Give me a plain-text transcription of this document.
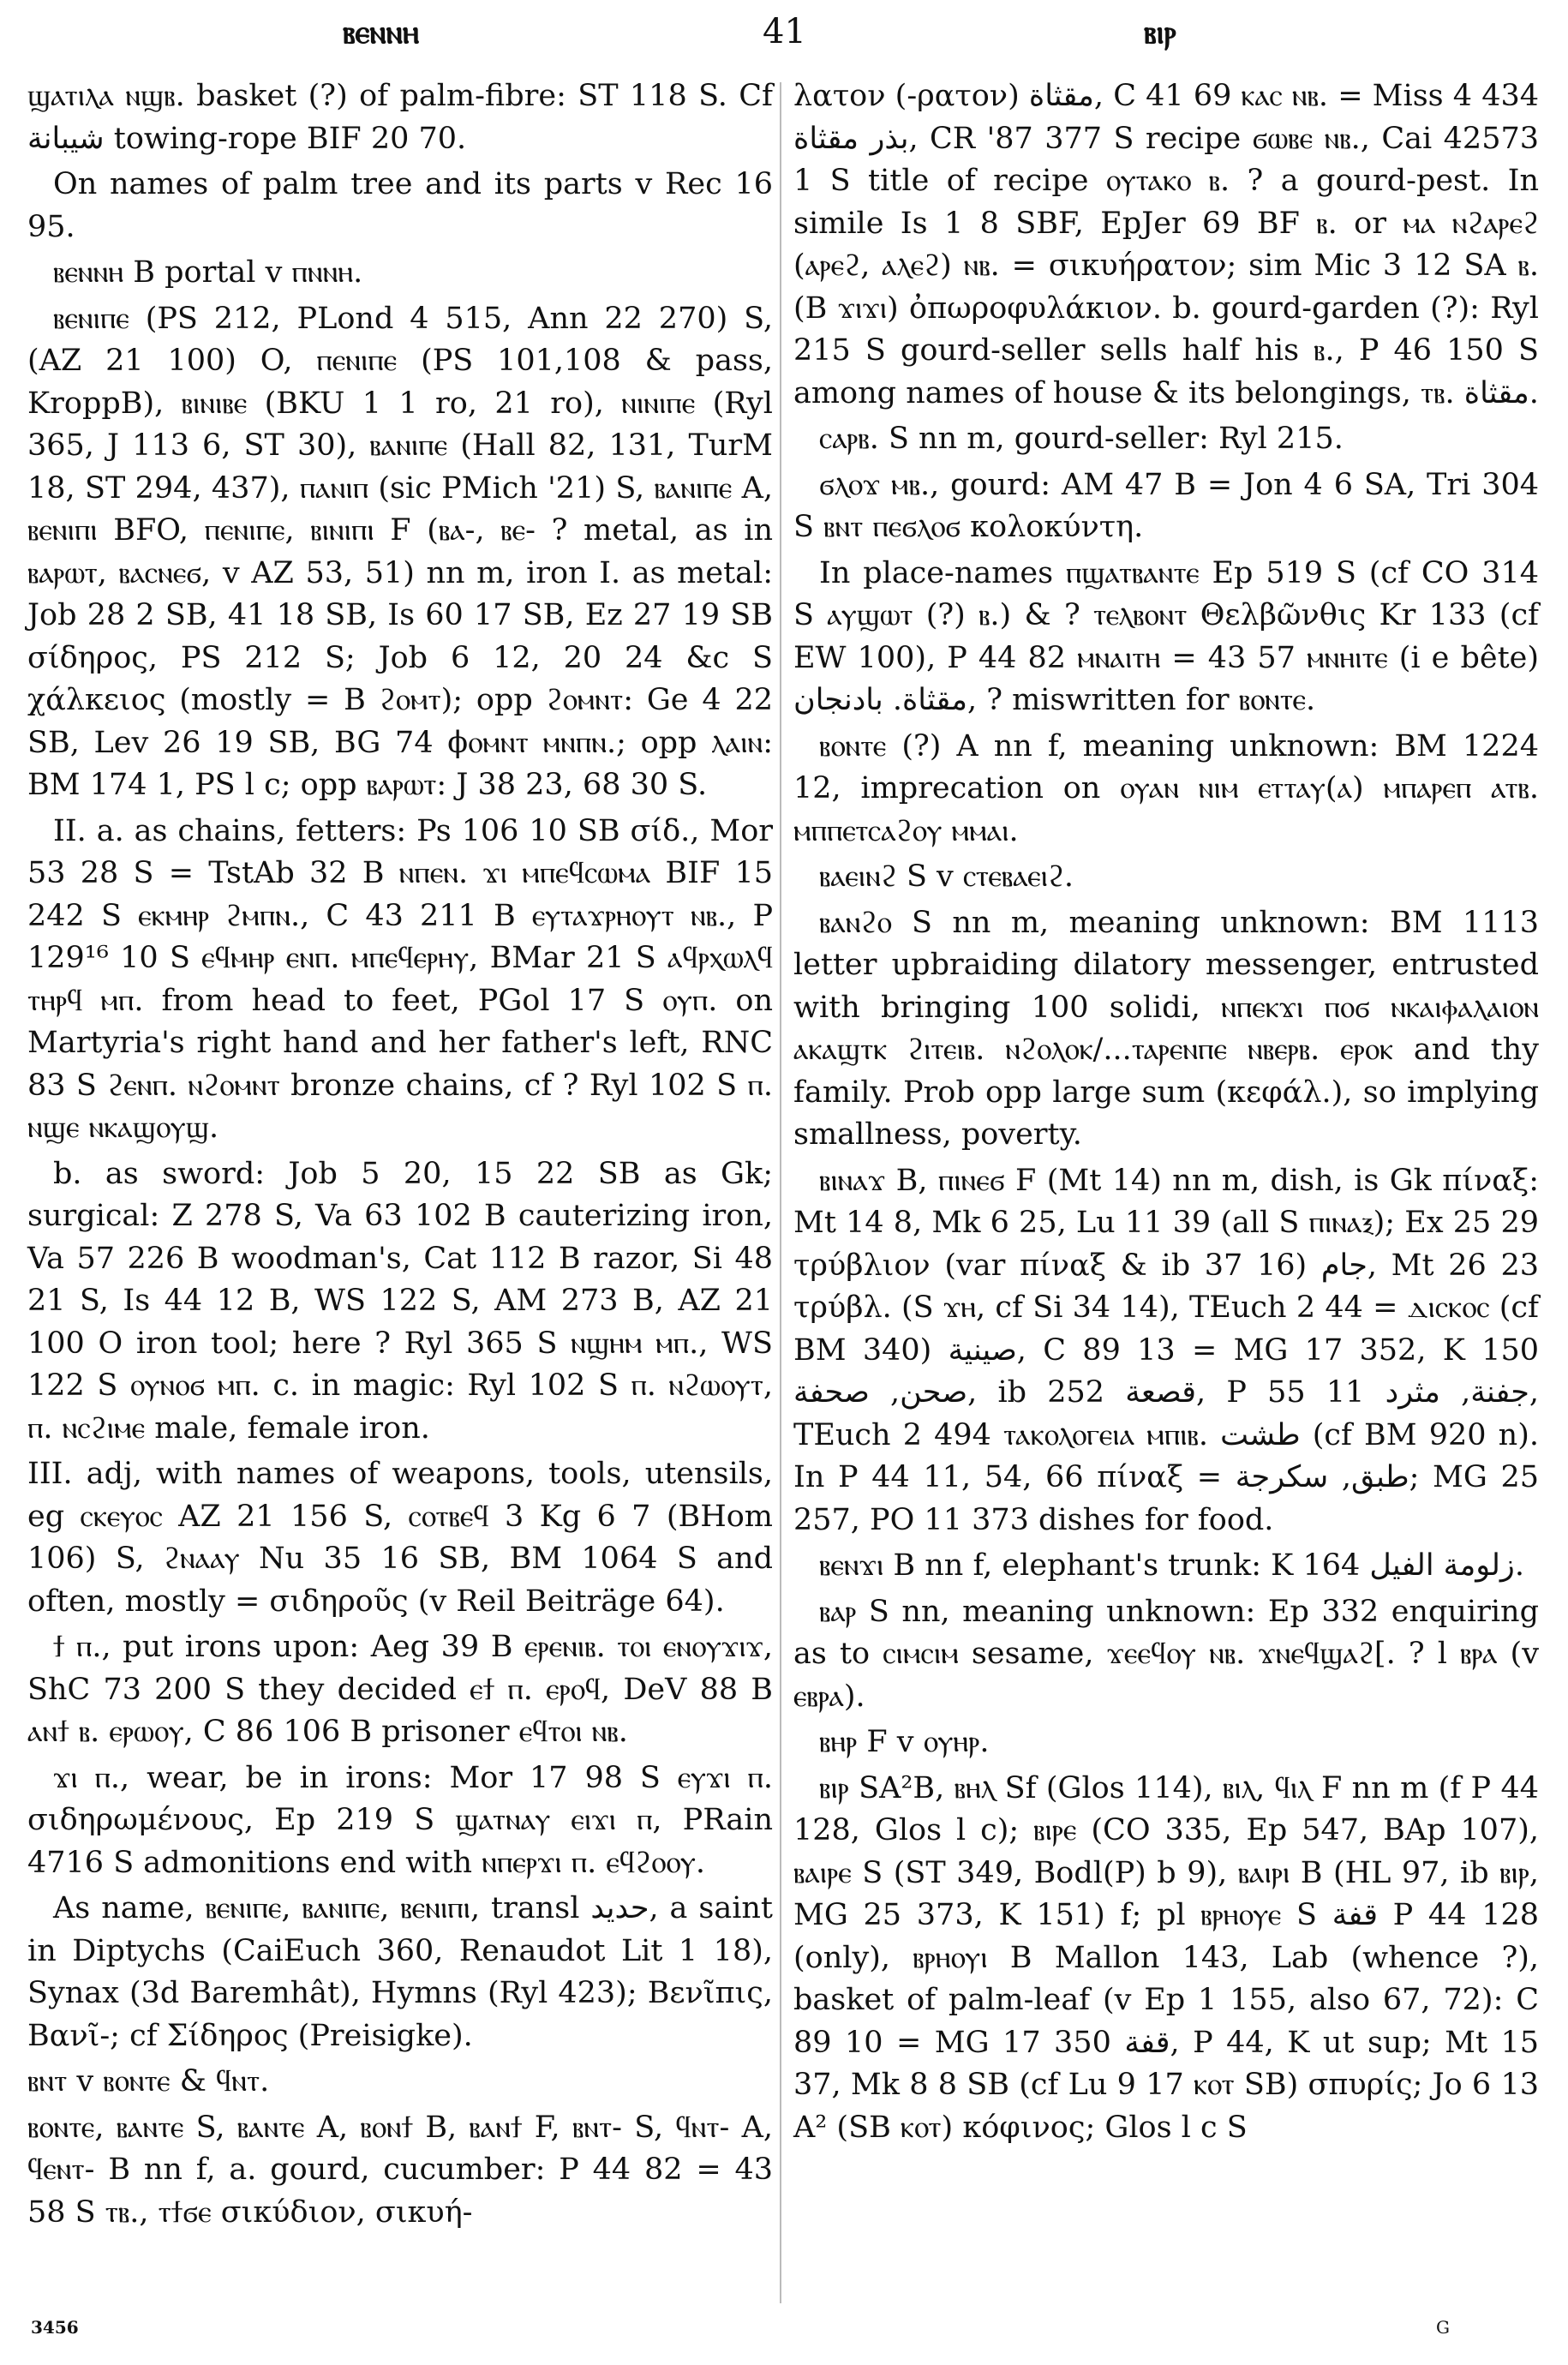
ⲃⲉⲛⲛⲏ	41	ⲃⲓⲣ

ϣⲁⲧⲓⲗⲁ ⲛϣⲃ. basket (?) of palm-fibre: ST 118 S. Cf شيبانة towing-rope BIF 20 70.

On names of palm tree and its parts v Rec 16 95.

ⲃⲉⲛⲛⲏ B portal v ⲡⲛⲛⲏ.

ⲃⲉⲛⲓⲡⲉ (PS 212, PLond 4 515, Ann 22 270) S, (AZ 21 100) O, ⲡⲉⲛⲓⲡⲉ (PS 101,108 & pass, KroppB), ⲃⲓⲛⲓⲃⲉ (BKU 1 1 ro, 21 ro), ⲛⲓⲛⲓⲡⲉ (Ryl 365, J 113 6, ST 30), ⲃⲁⲛⲓⲡⲉ (Hall 82, 131, TurM 18, ST 294, 437), ⲡⲁⲛⲓⲡ (sic PMich '21) S, ⲃⲁⲛⲓⲡⲉ A, ⲃⲉⲛⲓⲡⲓ BFO, ⲡⲉⲛⲓⲡⲉ, ⲃⲓⲛⲓⲡⲓ F (ⲃⲁ-, ⲃⲉ- ? metal, as in ⲃⲁⲣⲱⲧ, ⲃⲁⲥⲛⲉϭ, v AZ 53, 51) nn m, iron I. as metal: Job 28 2 SB, 41 18 SB, Is 60 17 SB, Ez 27 19 SB σίδηρος, PS 212 S; Job 6 12, 20 24 &c S χάλκειος (mostly = B ϩⲟⲙⲧ); opp ϩⲟⲙⲛⲧ: Ge 4 22 SB, Lev 26 19 SB, BG 74 ϕⲟⲙⲛⲧ ⲙⲛⲡⲛ.; opp ⲗⲁⲓⲛ: BM 174 1, PS l c; opp ⲃⲁⲣⲱⲧ: J 38 23, 68 30 S.

II. a. as chains, fetters: Ps 106 10 SB σίδ., Mor 53 28 S = TstAb 32 B ⲛⲡⲉⲛ. ϫⲓ ⲙⲡⲉϥⲥⲱⲙⲁ BIF 15 242 S ⲉⲕⲙⲏⲣ ϩⲙⲡⲛ., C 43 211 B ⲉⲩⲧⲁϫⲣⲏⲟⲩⲧ ⲛⲃ., P 129¹⁶ 10 S ⲉϥⲙⲏⲣ ⲉⲛⲡ. ⲙⲡⲉϥⲉⲣⲏⲩ, BMar 21 S ⲁϥⲣⲭⲱⲗϥ ⲧⲏⲣϥ ⲙⲡ. from head to feet, PGol 17 S ⲟⲩⲡ. on Martyria's right hand and her father's left, RNC 83 S ϩⲉⲛⲡ. ⲛϩⲟⲙⲛⲧ bronze chains, cf ? Ryl 102 S ⲡ. ⲛϣⲉ ⲛⲕⲁϣⲟⲩϣ.

b. as sword: Job 5 20, 15 22 SB as Gk; surgical: Z 278 S, Va 63 102 B cauterizing iron, Va 57 226 B woodman's, Cat 112 B razor, Si 48 21 S, Is 44 12 B, WS 122 S, AM 273 B, AZ 21 100 O iron tool; here ? Ryl 365 S ⲛϣⲏⲙ ⲙⲡ., WS 122 S ⲟⲩⲛⲟϭ ⲙⲡ. c. in magic: Ryl 102 S ⲡ. ⲛϩⲱⲟⲩⲧ, ⲡ. ⲛⲥϩⲓⲙⲉ male, female iron.

III. adj, with names of weapons, tools, utensils, eg ⲥⲕⲉⲩⲟⲥ AZ 21 156 S, ⲥⲟⲧⲃⲉϥ 3 Kg 6 7 (BHom 106) S, ϩⲛⲁⲁⲩ Nu 35 16 SB, BM 1064 S and often, mostly = σιδηροῦς (v Reil Beiträge 64).

ϯ ⲡ., put irons upon: Aeg 39 B ⲉⲣⲉⲛⲓⲃ. ⲧⲟⲓ ⲉⲛⲟⲩϫⲓϫ, ShC 73 200 S they decided ⲉϯ ⲡ. ⲉⲣⲟϥ, DeV 88 B ⲁⲛϯ ⲃ. ⲉⲣⲱⲟⲩ, C 86 106 B prisoner ⲉϥⲧⲟⲓ ⲛⲃ.

ϫⲓ ⲡ., wear, be in irons: Mor 17 98 S ⲉⲩϫⲓ ⲡ. σιδηρωμένους, Ep 219 S ϣⲁⲧⲛⲁⲩ ⲉⲓϫⲓ ⲡ, PRain 4716 S admonitions end with ⲛⲡⲉⲣϫⲓ ⲡ. ⲉϥϩⲟⲟⲩ.

As name, ⲃⲉⲛⲓⲡⲉ, ⲃⲁⲛⲓⲡⲉ, ⲃⲉⲛⲓⲡⲓ, transl حديد, a saint in Diptychs (CaiEuch 360, Renaudot Lit 1 18), Synax (3d Baremhât), Hymns (Ryl 423); Βενῖπις, Βανῖ-; cf Σίδηρος (Preisigke).

ⲃⲛⲧ v ⲃⲟⲛⲧⲉ & ϥⲛⲧ.

ⲃⲟⲛⲧⲉ, ⲃⲁⲛⲧⲉ S, ⲃⲁⲛⲧⲉ A, ⲃⲟⲛϯ B, ⲃⲁⲛϯ F, ⲃⲛⲧ- S, ϥⲛⲧ- A, ϥⲉⲛⲧ- B nn f, a. gourd, cucumber: P 44 82 = 43 58 S ⲧⲃ., ⲧϯϭⲉ σικύδιον, σικυή-

λατον (-ρατον) مقثاة, C 41 69 ⲕⲁⲥ ⲛⲃ. = Miss 4 434 بذر مقثاة, CR '87 377 S recipe ϭⲱⲃⲉ ⲛⲃ., Cai 42573 1 S title of recipe ⲟⲩⲧⲁⲕⲟ ⲃ. ? a gourd-pest. In simile Is 1 8 SBF, EpJer 69 BF ⲃ. or ⲙⲁ ⲛϩⲁⲣⲉϩ (ⲁⲣⲉϩ, ⲁⲗⲉϩ) ⲛⲃ. = σικυήρατον; sim Mic 3 12 SA ⲃ. (B ϫⲓϫⲓ) ὀπωροφυλάκιον. b. gourd-garden (?): Ryl 215 S gourd-seller sells half his ⲃ., P 46 150 S among names of house & its belongings, ⲧⲃ. مقثاة.

ⲥⲁⲣⲃ. S nn m, gourd-seller: Ryl 215.

ϭⲗⲟϫ ⲙⲃ., gourd: AM 47 B = Jon 4 6 SA, Tri 304 S ⲃⲛⲧ ⲡⲉϭⲗⲟϭ κολοκύντη.

In place-names ⲡϣⲁⲧⲃⲁⲛⲧⲉ Ep 519 S (cf CO 314 S ⲁⲩϣⲱⲧ (?) ⲃ.) & ? ⲧⲉⲗⲃⲟⲛⲧ Θελβῶνθις Kr 133 (cf EW 100), P 44 82 ⲙⲛⲁⲓⲧⲏ = 43 57 ⲙⲛⲏⲓⲧⲉ (i e bête) مقثاة. بادنجان, ? miswritten for ⲃⲟⲛⲧⲉ.

ⲃⲟⲛⲧⲉ (?) A nn f, meaning unknown: BM 1224 12, imprecation on ⲟⲩⲁⲛ ⲛⲓⲙ ⲉⲧⲧⲁⲩ(ⲁ) ⲙⲡⲁⲣⲉⲡ ⲁⲧⲃ. ⲙⲡⲡⲉⲧⲥⲁϩⲟⲩ ⲙⲙⲁⲓ.

ⲃⲁⲉⲓⲛϩ S v ⲥⲧⲉⲃⲁⲉⲓϩ.

ⲃⲁⲛϩⲟ S nn m, meaning unknown: BM 1113 letter upbraiding dilatory messenger, entrusted with bringing 100 solidi, ⲛⲡⲉⲕϫⲓ ⲡⲟϭ ⲛⲕⲁⲓⲫⲁⲗⲁⲓⲟⲛ ⲁⲕⲁϣⲧⲕ ϩⲓⲧⲉⲓⲃ. ⲛϩⲟⲗⲟⲕ/...ⲧⲁⲣⲉⲛⲡⲉ ⲛⲃⲉⲣⲃ. ⲉⲣⲟⲕ and thy family. Prob opp large sum (κεφάλ.), so implying smallness, poverty.

ⲃⲓⲛⲁϫ B, ⲡⲓⲛⲉϭ F (Mt 14) nn m, dish, is Gk πίναξ: Mt 14 8, Mk 6 25, Lu 11 39 (all S ⲡⲓⲛⲁⲝ); Ex 25 29 τρύβλιον (var πίναξ & ib 37 16) جام, Mt 26 23 τρύβλ. (S ϫⲏ, cf Si 34 14), TEuch 2 44 = ⲇⲓⲥⲕⲟⲥ (cf BM 340) صينية, C 89 13 = MG 17 352, K 150 صحن, صحفة, ib 252 قصعة, P 55 11 جفنة, مثرد, TEuch 2 494 ⲧⲁⲕⲟⲗⲟⲅⲉⲓⲁ ⲙⲡⲓⲃ. طشت (cf BM 920 n). In P 44 11, 54, 66 πίναξ = طبق, سكرجة; MG 25 257, PO 11 373 dishes for food.

ⲃⲉⲛϫⲓ B nn f, elephant's trunk: K 164 زلومة الفيل.

ⲃⲁⲣ S nn, meaning unknown: Ep 332 enquiring as to ⲥⲓⲙⲥⲓⲙ sesame, ϫⲉⲉϥⲟⲩ ⲛⲃ. ϫⲛⲉϥϣⲁϩ[. ? l ⲃⲣⲁ (v ⲉⲃⲣⲁ).

ⲃⲏⲣ F v ⲟⲩⲏⲣ.

ⲃⲓⲣ SA²B, ⲃⲏⲗ Sf (Glos 114), ⲃⲓⲗ, ϥⲓⲗ F nn m (f P 44 128, Glos l c); ⲃⲓⲣⲉ (CO 335, Ep 547, BAp 107), ⲃⲁⲓⲣⲉ S (ST 349, Bodl(P) b 9), ⲃⲁⲓⲣⲓ B (HL 97, ib ⲃⲓⲣ, MG 25 373, K 151) f; pl ⲃⲣⲏⲟⲩⲉ S قفة P 44 128 (only), ⲃⲣⲏⲟⲩⲓ B Mallon 143, Lab (whence ?), basket of palm-leaf (v Ep 1 155, also 67, 72): C 89 10 = MG 17 350 قفة, P 44, K ut sup; Mt 15 37, Mk 8 8 SB (cf Lu 9 17 ⲕⲟⲧ SB) σπυρίς; Jo 6 13 A² (SB ⲕⲟⲧ) κόφινος; Glos l c S

3456	G
